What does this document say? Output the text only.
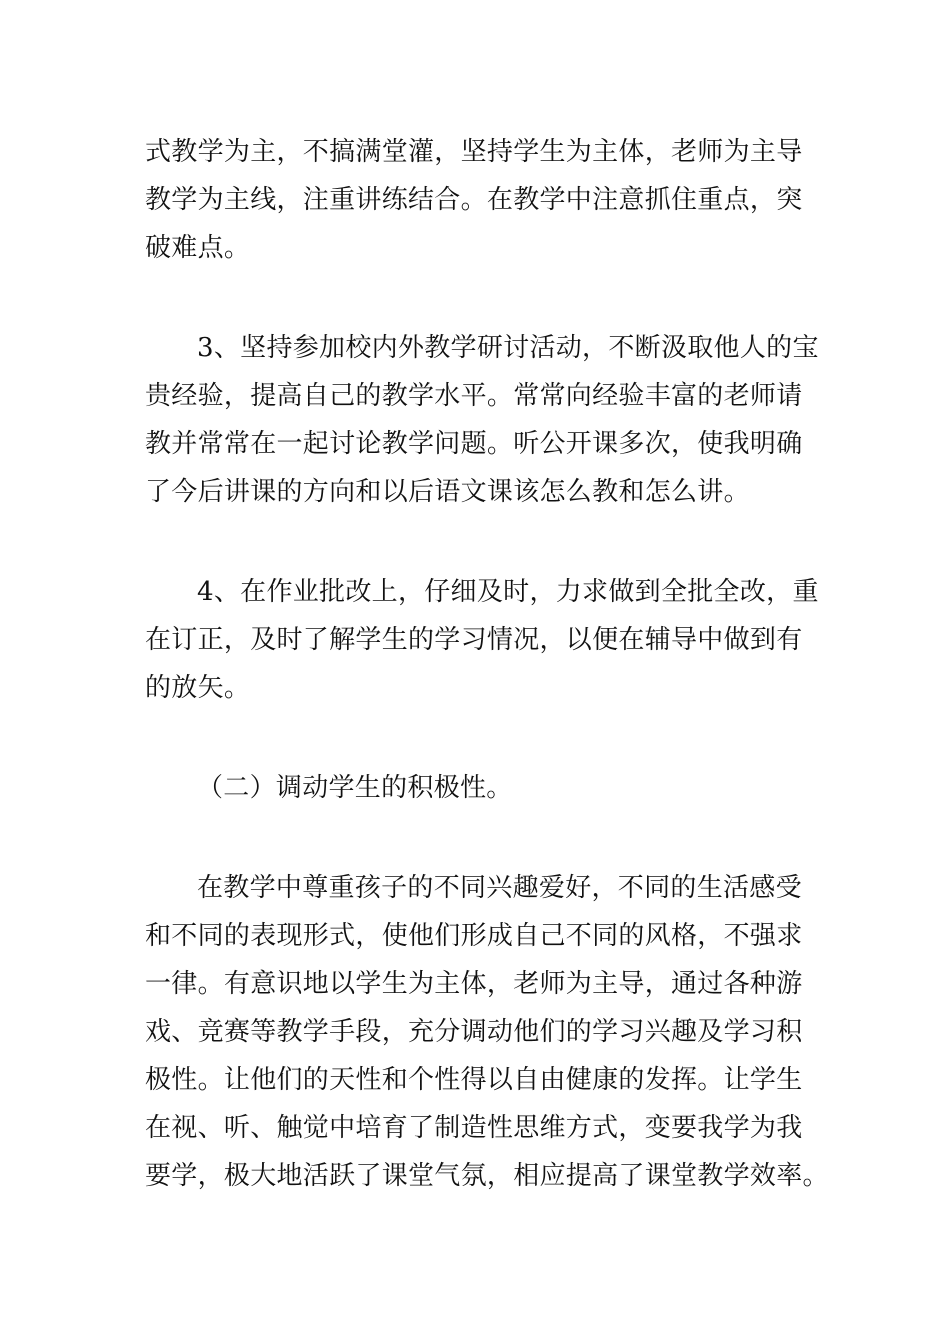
式教学为主，不搞满堂灌，坚持学生为主体，老师为主导
教学为主线，注重讲练结合。在教学中注意抓住重点，突
破难点。
3、坚持参加校内外教学研讨活动，不断汲取他人的宝
贵经验，提高自己的教学水平。常常向经验丰富的老师请
教并常常在一起讨论教学问题。听公开课多次，使我明确
了今后讲课的方向和以后语文课该怎么教和怎么讲。
4、在作业批改上，仔细及时，力求做到全批全改，重
在订正，及时了解学生的学习情况，以便在辅导中做到有
的放矢。
（二）调动学生的积极性。
在教学中尊重孩子的不同兴趣爱好，不同的生活感受
和不同的表现形式，使他们形成自己不同的风格，不强求
一律。有意识地以学生为主体，老师为主导，通过各种游
戏、竞赛等教学手段，充分调动他们的学习兴趣及学习积
极性。让他们的天性和个性得以自由健康的发挥。让学生
在视、听、触觉中培育了制造性思维方式，变要我学为我
要学，极大地活跃了课堂气氛，相应提高了课堂教学效率。
